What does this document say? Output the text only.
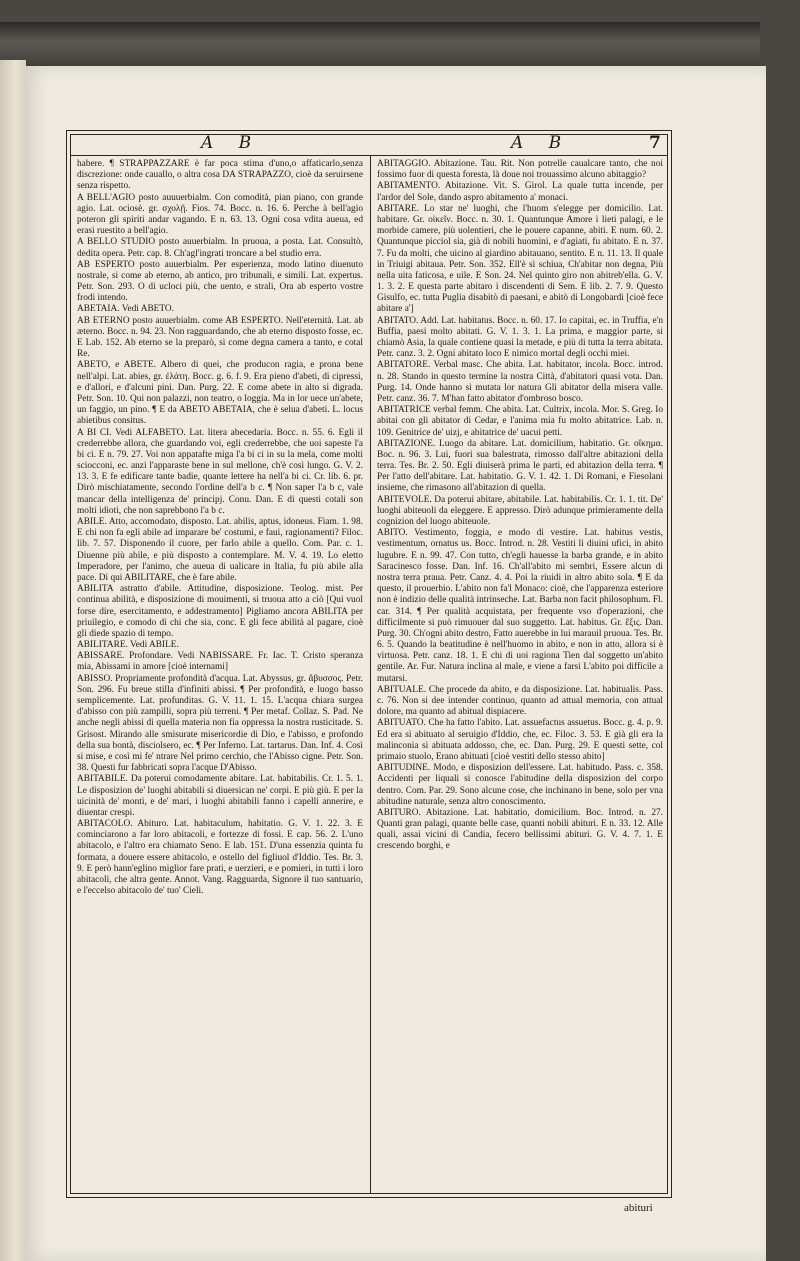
A B	A B	7

habere. ¶ STRAPPAZZARE è far poca stima d'uno,o affaticarlo,senza discrezione: onde cauallo, o altra cosa DA STRAPAZZO, cioè da seruirsene senza rispetto.

A BELL'AGIO posto auuuerbialm. Con comodità, pian piano, con grande agio. Lat. ociosè. gr. σχολῇ. Fios. 74. Bocc. n. 16. 6. Perche à bell'agio poteron gli spiriti andar vagando. E n. 63. 13. Ogni cosa vdita aueua, ed erasi ruestito a bell'agio.

A BELLO STUDIO posto auuerbialm. In pruoua, a posta. Lat. Consultò, dedita opera. Petr. cap. 8. Ch'agl'ingrati troncare a bel studio erra.

AB ESPERTO posto auuerbialm. Per esperienza, modo latino diuenuto nostrale, si come ab eterno, ab antico, pro tribunali, e simili. Lat. expertus. Petr. Son. 293. O di ucloci più, che uento, e strali, Ora ab esperto vostre frodi intendo.

ABETAIA. Vedi ABETO.

AB ETERNO posto auuerbialm. come AB ESPERTO. Nell'eternità. Lat. ab æterno. Bocc. n. 94. 23. Non ragguardando, che ab eterno disposto fosse, ec. E Lab. 152. Ab eterno se la preparò, sì come degna camera a tanto, e cotal Re.

ABETO, e ABETE. Albero di quei, che producon ragia, e prona bene nell'alpi. Lat. abies, gr. ἐλάτη. Bocc. g. 6. f. 9. Era pieno d'abeti, di cipressi, e d'allori, e d'alcuni pini. Dan. Purg. 22. E come abete in alto si digrada. Petr. Son. 10. Qui non palazzi, non teatro, o loggia. Ma in lor uece un'abete, un faggio, un pino. ¶ E da ABETO ABETAIA, che è selua d'abeti. L. locus abietibus consitus.

A BI CI. Vedi ALFABETO. Lat. litera abecedaria. Bocc. n. 55. 6. Egli il crederrebbe allora, che guardando voi, egli crederrebbe, che uoi sapeste l'a bi ci. E n. 79. 27. Voi non appatafte miga l'a bi ci in su la mela, come molti sciocconi, ec. anzi l'apparaste bene in sul mellone, ch'è così lungo. G. V. 2. 13. 3. E fe edificare tante badie, quante lettere ha nell'a bi ci. Cr. lib. 6. pr. Dirò mischiatamente, secondo l'ordine dell'a b c. ¶ Non saper l'a b c, vale mancar della intelligenza de' principj. Conu. Dan. E di questi cotali son molti idioti, che non saprebbono l'a b c.

ABILE. Atto, accomodato, disposto. Lat. abilis, aptus, idoneus. Fiam. 1. 98. E chi non fa egli abile ad imparare be' costumi, e faui, ragionamenti? Filoc. lib. 7. 57. Disponendo il cuore, per farlo abile a quello. Com. Par. c. 1. Diuenne più abile, e più disposto a contemplare. M. V. 4. 19. Lo eletto Imperadore, per l'animo, che aueua di ualicare in Italia, fu più abile alla pace. Di qui ABILITARE, che è fare abile.

ABILITA astratto d'abile. Attitudine, disposizione. Teolog. mist. Per continua abilità, e disposizione di mouimenti, si truoua atto a ciò [Qui vuol forse dire, esercitamento, e addestramento] Pigliamo ancora ABILITA per priuilegio, e comodo di chi che sia, conc. E gli fece abilità al pagare, cioè gli diede spazio di tempo.

ABILITARE. Vedi ABILE.

ABISSARE. Profondare. Vedi NABISSARE. Fr. Iac. T. Cristo speranza mia, Abissami in amore [cioè internami]

ABISSO. Propriamente profondità d'acqua. Lat. Abyssus, gr. ἄβυσσος. Petr. Son. 296. Fu breue stilla d'infiniti abissi. ¶ Per profondità, e luogo basso semplicemente. Lat. profunditas. G. V. 11. 1. 15. L'acqua chiara surgea d'abisso con più zampilli, sopra più terreni. ¶ Per metaf. Collaz. S. Pad. Ne anche negli abissi di quella materia non fia oppressa la nostra rusticitade. S. Grisost. Mirando alle smisurate misericordie di Dio, e l'abisso, e profondo della sua bontà, disciolsero, ec. ¶ Per Inferno. Lat. tartarus. Dan. Inf. 4. Così si mise, e così mi fe' ntrare Nel primo cerchio, che l'Abisso cigne. Petr. Son. 38. Questi fur fabbricati sopra l'acque D'Abisso.

ABITABILE. Da poterui comodamente abitare. Lat. habitabilis. Cr. 1. 5. 1. Le disposizion de' luoghi abitabili si diuersican ne' corpi. E più giù. E per la uicinità de' monti, e de' mari, i luoghi abitabili fanno i capelli annerire, e diuentar crespi.

ABITACOLO. Abituro. Lat. habitaculum, habitatio. G. V. 1. 22. 3. E cominciarono a far loro abitacoli, e fortezze di fossi. E cap. 56. 2. L'uno abitacolo, e l'altro era chiamato Seno. E lab. 151. D'una essenzia quinta fu formata, a douere essere abitacolo, e ostello del figliuol d'Iddio. Tes. Br. 3. 9. E però hann'eglino miglior fare prati, e uerzieri, e e pomieri, in tutti i loro abitacoli, che altra gente. Annot. Vang. Ragguarda, Signore il tuo santuario, e l'eccelso abitacolo de' tuo' Cieli.

ABITAGGIO. Abitazione. Tau. Rit. Non potrelle caualcare tanto, che noi fossimo fuor di questa foresta, là doue noi trouassimo alcuno abitaggio?

ABITAMENTO. Abitazione. Vit. S. Girol. La quale tutta incende, per l'ardor del Sole, dando aspro abitamento a' monaci.

ABITARE. Lo star ne' luoghi, che l'huom s'elegge per domicilio. Lat. habitare. Gr. οἰκεῖν. Bocc. n. 30. 1. Quantunque Amore i lieti palagi, e le morbide camere, più uolentieri, che le pouere capanne, abiti. E num. 60. 2. Quantunque picciol sia, già di nobili huomini, e d'agiati, fu abitato. E n. 37. 7. Fu da molti, che uicino al giardino abitauano, sentito. E n. 11. 13. Il quale in Triuigi abitaua. Petr. Son. 352. Ell'è sì schiua, Ch'abitar non degna, Più nella uita faticosa, e uile. E Son. 24. Nel quinto giro non abitreb'ella. G. V. 1. 3. 2. E questa parte abitaro i discendenti di Sem. E lib. 2. 7. 9. Questo Gisulfo, ec. tutta Puglia disabitò di paesani, e abitò di Longobardi [cioè fece abitare a']

ABITATO. Add. Lat. habitatus. Bocc. n. 60. 17. Io capitai, ec. in Truffia, e'n Buffia, paesi molto abitati. G. V. 1. 3. 1. La prima, e maggior parte, si chiamò Asia, la quale contiene quasi la metade, e più di tutta la terra abitata. Petr. canz. 3. 2. Ogni abitato loco E nimico mortal degli occhi miei.

ABITATORE. Verbal masc. Che abita. Lat. habitator, incola. Bocc. introd. n. 28. Stando in questo termine la nostra Città, d'abitatori quasi vota. Dan. Purg. 14. Onde hanno sì mutata lor natura Gli abitator della misera valle. Petr. canz. 36. 7. M'han fatto abitator d'ombroso bosco.

ABITATRICE verbal femm. Che abita. Lat. Cultrix, incola. Mor. S. Greg. Io abitai con gli abitator di Cedar, e l'anima mia fu molto abitatrice. Lab. n. 109. Genitrice de' uizj, e abitatrice de' uacui petti.

ABITAZIONE. Luogo da abitare. Lat. domicilium, habitatio. Gr. οἴκημα. Boc. n. 96. 3. Lui, fuori sua balestrata, rimosso dall'altre abitazioni della terra. Tes. Br. 2. 50. Egli diuiserà prima le parti, ed abitazion della terra. ¶ Per l'atto dell'abitare. Lat. habitatio. G. V. 1. 42. 1. Di Romani, e Fiesolani insieme, che rimasono all'abitazion di quella.

ABITEVOLE. Da poterui abitare, abitabile. Lat. habitabilis. Cr. 1. 1. tit. De' luoghi abiteuoli da eleggere. E appresso. Dirò adunque primieramente della cognizion del luogo abiteuole.

ABITO. Vestimento, foggia, e modo di vestire. Lat. habitus vestis, vestimentum, ornatus us. Bocc. Introd. n. 28. Vestiti li diuini ufici, in abito lugubre. E n. 99. 47. Con tutto, ch'egli hauesse la barba grande, e in abito Saracinesco fosse. Dan. Inf. 16. Ch'all'abito mi sembri, Essere alcun di nostra terra praua. Petr. Canz. 4. 4. Poi la riuidi in altro abito sola. ¶ E da questo, il prouerbio. L'abito non fa'l Monaco: cioè, che l'apparenza esteriore non è indizio delle qualità intrinseche. Lat. Barba non facit philosophum. Fl. car. 314. ¶ Per qualità acquistata, per frequente vso d'operazioni, che difficilmente si può rimuouer dal suo suggetto. Lat. habitus. Gr. ἕξις. Dan. Purg. 30. Ch'ogni abito destro, Fatto auerebbe in lui marauil pruoua. Tes. Br. 6. 5. Quando la beatitudine è nell'huomo in abito, e non in atto, allora si è virtuosa. Petr. canz. 18. 1. E chi di uoi ragiona Tien dal soggetto un'abito gentile. Ar. Fur. Natura inclina al male, e viene a farsi L'abito poi difficile a mutarsi.

ABITUALE. Che procede da abito, e da disposizione. Lat. habitualis. Pass. c. 76. Non si dee intender continuo, quanto ad attual memoria, con attual dolore, ma quanto ad abitual dispiacere.

ABITUATO. Che ha fatto l'abito. Lat. assuefactus assuetus. Bocc. g. 4. p. 9. Ed era sì abituato al seruigio d'Iddio, che, ec. Filoc. 3. 53. E già gli era la malinconia sì abituata addosso, che, ec. Dan. Purg. 29. E questi sette, col primaio stuolo, Erano abituati [cioè vestiti dello stesso abito]

ABITUDINE. Modo, e disposizion dell'essere. Lat. habitudo. Pass. c. 358. Accidenti per liquali si conosce l'abitudine della disposizion del corpo dentro. Com. Par. 29. Sono alcune cose, che inchinano in bene, solo per vna abitudine naturale, senza altro conoscimento.

ABITURO. Abitazione. Lat. habitatio, domicilium. Boc. Introd. n. 27. Quanti gran palagi, quante belle case, quanti nobili abituri. E n. 33. 12. Alle quali, assai vicini di Candia, fecero bellissimi abituri. G. V. 4. 7. 1. E crescendo borghi, e

abituri
